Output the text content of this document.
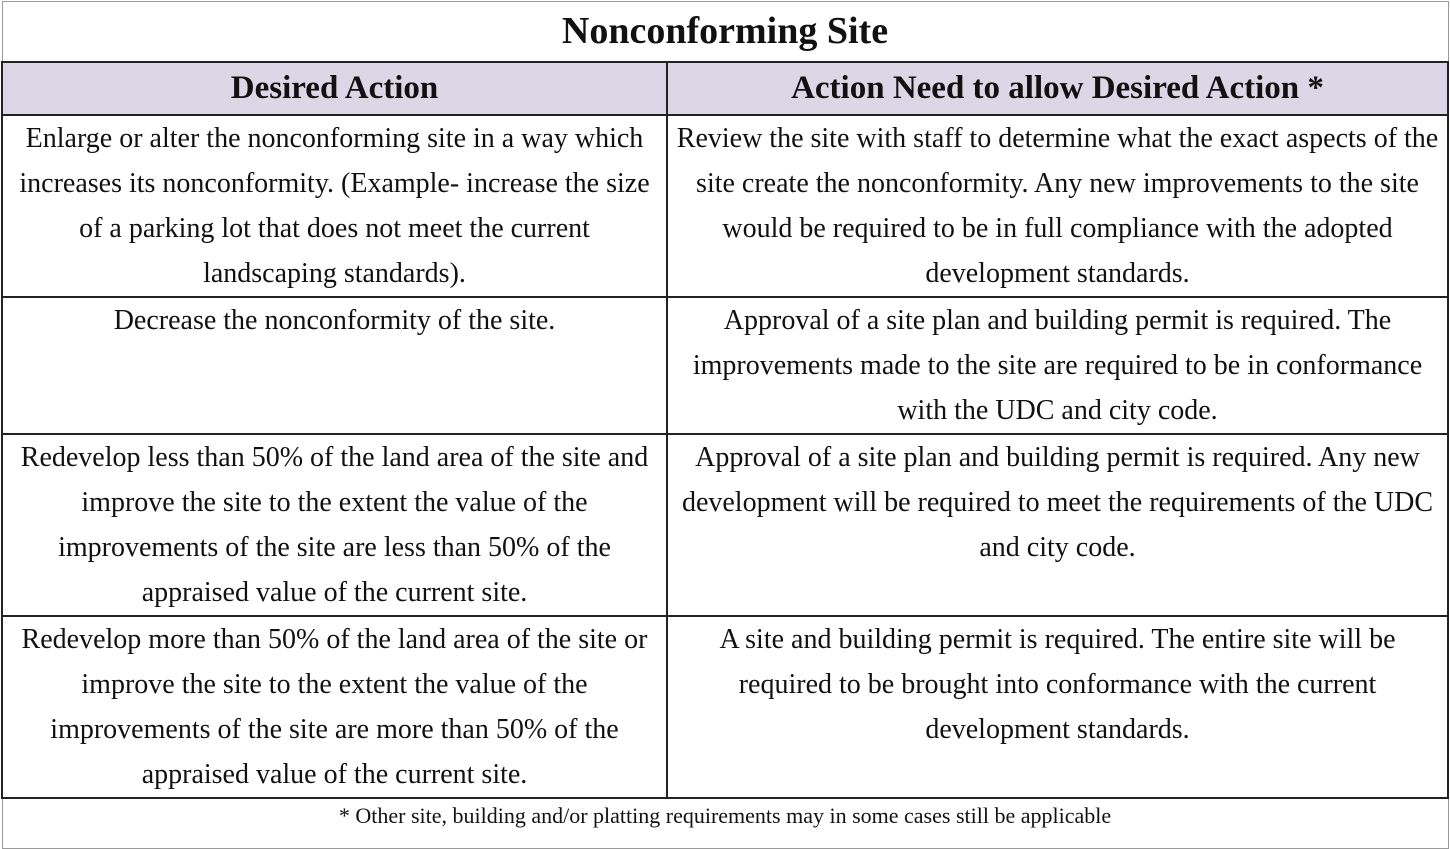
Nonconforming Site	
Desired Action	Action Need to allow Desired Action *
Enlarge or alter the nonconforming site in a way which increases its nonconformity. (Example- increase the size of a parking lot that does not meet the current landscaping standards).	Review the site with staff to determine what the exact aspects of the site create the nonconformity. Any new improvements to the site would be required to be in full compliance with the adopted development standards.
Decrease the nonconformity of the site.	Approval of a site plan and building permit is required. The improvements made to the site are required to be in conformance with the UDC and city code.
Redevelop less than 50% of the land area of the site and improve the site to the extent the value of the improvements of the site are less than 50% of the appraised value of the current site.	Approval of a site plan and building permit is required. Any new development will be required to meet the requirements of the UDC and city code.
Redevelop more than 50% of the land area of the site or improve the site to the extent the value of the improvements of the site are more than 50% of the appraised value of the current site.	A site and building permit is required. The entire site will be required to be brought into conformance with the current development standards.
* Other site, building and/or platting requirements may in some cases still be applicable	
